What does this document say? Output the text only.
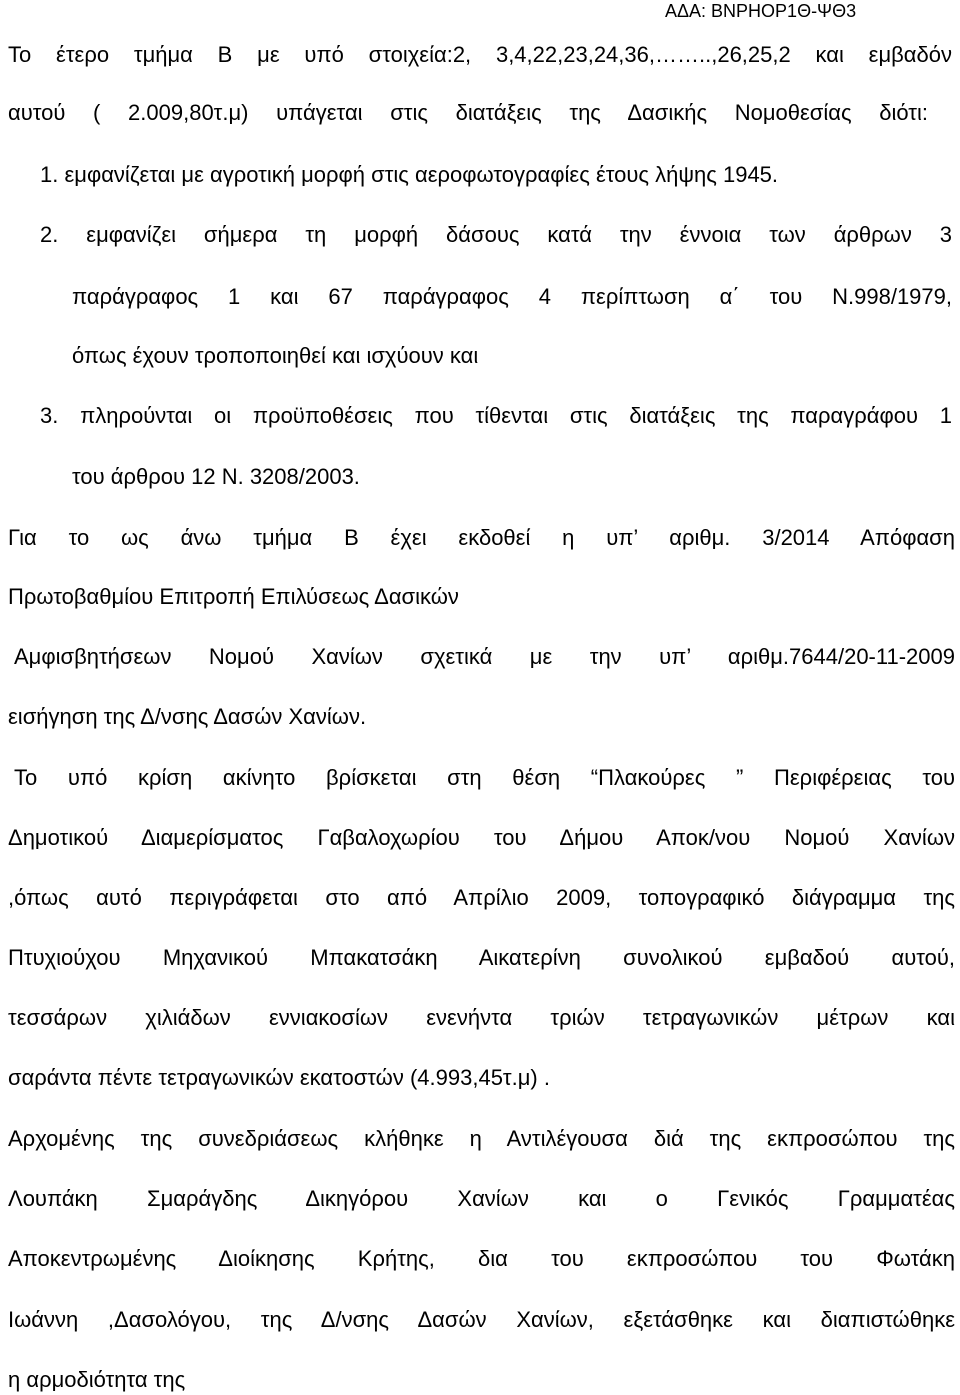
ΑΔΑ: ΒΝΡΗΟΡ1Θ-ΨΘ3
Το έτερο τμήμα Β με υπό στοιχεία:2, 3,4,22,23,24,36,……..,26,25,2 και εμβαδόν
αυτού ( 2.009,80τ.μ) υπάγεται στις διατάξεις της Δασικής Νομοθεσίας διότι:
1. εμφανίζεται με αγροτική μορφή στις αεροφωτογραφίες έτους λήψης 1945.
2. εμφανίζει σήμερα τη μορφή δάσους κατά την έννοια των άρθρων 3
παράγραφος 1 και 67 παράγραφος 4 περίπτωση α΄ του Ν.998/1979,
όπως έχουν τροποποιηθεί και ισχύουν και
3. πληρούνται οι προϋποθέσεις που τίθενται στις διατάξεις της παραγράφου 1
του άρθρου 12 Ν. 3208/2003.
Για το ως άνω τμήμα Β έχει εκδοθεί η υπ’ αριθμ. 3/2014 Απόφαση
Πρωτοβαθμίου Επιτροπή Επιλύσεως Δασικών
Αμφισβητήσεων Νομού Χανίων σχετικά με την υπ’ αριθμ.7644/20-11-2009
εισήγηση της Δ/νσης Δασών Χανίων.
Το υπό κρίση ακίνητο βρίσκεται στη θέση “Πλακούρες ” Περιφέρειας του
Δημοτικού Διαμερίσματος Γαβαλοχωρίου του Δήμου Αποκ/νου Νομού Χανίων
,όπως αυτό περιγράφεται στο από Απρίλιο 2009, τοπογραφικό διάγραμμα της
Πτυχιούχου Μηχανικού Μπακατσάκη Αικατερίνη συνολικού εμβαδού αυτού,
τεσσάρων χιλιάδων εννιακοσίων ενενήντα τριών τετραγωνικών μέτρων και
σαράντα πέντε τετραγωνικών εκατοστών (4.993,45τ.μ) .
Αρχομένης της συνεδριάσεως κλήθηκε η Αντιλέγουσα διά της εκπροσώπου της
Λουπάκη Σμαράγδης Δικηγόρου Χανίων και ο Γενικός Γραμματέας
Αποκεντρωμένης Διοίκησης Κρήτης, δια του εκπροσώπου του Φωτάκη
Ιωάννη ,Δασολόγου, της Δ/νσης Δασών Χανίων, εξετάσθηκε και διαπιστώθηκε
η αρμοδιότητα της
